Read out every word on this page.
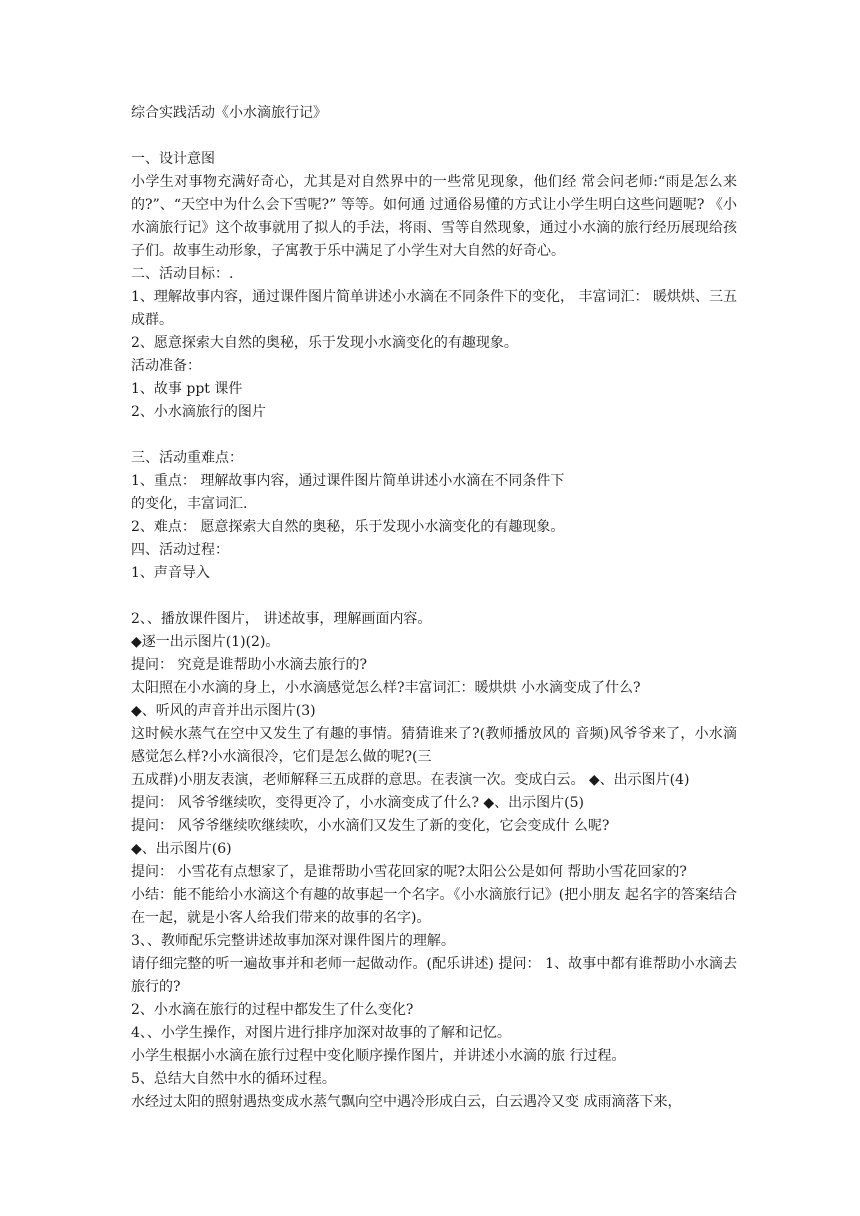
综合实践活动《小水滴旅行记》
一、设计意图
小学生对事物充满好奇心，尤其是对自然界中的一些常见现象，他们经 常会问老师:“雨是怎么来的?”、“天空中为什么会下雪呢?” 等等。如何通 过通俗易懂的方式让小学生明白这些问题呢? 《小水滴旅行记》这个故事就用了拟人的手法，将雨、雪等自然现象，通过小水滴的旅行经历展现给孩子们。故事生动形象，子寓教于乐中满足了小学生对大自然的好奇心。
二、活动目标：.
1、理解故事内容，通过课件图片简单讲述小水滴在不同条件下的变化， 丰富词汇： 暖烘烘、三五成群。
2、愿意探索大自然的奥秘，乐于发现小水滴变化的有趣现象。
活动准备：
1、故事 ppt 课件
2、小水滴旅行的图片
三、活动重难点：
1、重点： 理解故事内容，通过课件图片简单讲述小水滴在不同条件下
的变化，丰富词汇.
2、难点： 愿意探索大自然的奥秘，乐于发现小水滴变化的有趣现象。
四、活动过程：
1、声音导入
2、、播放课件图片， 讲述故事，理解画面内容。
◆逐一出示图片(1)(2)。
提问： 究竟是谁帮助小水滴去旅行的?
太阳照在小水滴的身上，小水滴感觉怎么样?丰富词汇：暖烘烘 小水滴变成了什么?
◆、听风的声音并出示图片(3)
这时候水蒸气在空中又发生了有趣的事情。猜猜谁来了?(教师播放风的 音频)风爷爷来了，小水滴感觉怎么样?小水滴很冷，它们是怎么做的呢?(三
五成群)小朋友表演，老师解释三五成群的意思。在表演一次。变成白云。 ◆、出示图片(4)
提问： 风爷爷继续吹，变得更冷了，小水滴变成了什么? ◆、出示图片(5)
提问： 风爷爷继续吹继续吹，小水滴们又发生了新的变化，它会变成什 么呢?
◆、出示图片(6)
提问： 小雪花有点想家了，是谁帮助小雪花回家的呢?太阳公公是如何 帮助小雪花回家的?
小结：能不能给小水滴这个有趣的故事起一个名字。《小水滴旅行记》(把小朋友 起名字的答案结合在一起，就是小客人给我们带来的故事的名字)。
3、、教师配乐完整讲述故事加深对课件图片的理解。
请仔细完整的听一遍故事并和老师一起做动作。(配乐讲述) 提问： 1、故事中都有谁帮助小水滴去旅行的?
2、小水滴在旅行的过程中都发生了什么变化?
4、、小学生操作，对图片进行排序加深对故事的了解和记忆。
小学生根据小水滴在旅行过程中变化顺序操作图片，并讲述小水滴的旅 行过程。
5、总结大自然中水的循环过程。
水经过太阳的照射遇热变成水蒸气飘向空中遇冷形成白云，白云遇冷又变 成雨滴落下来，
